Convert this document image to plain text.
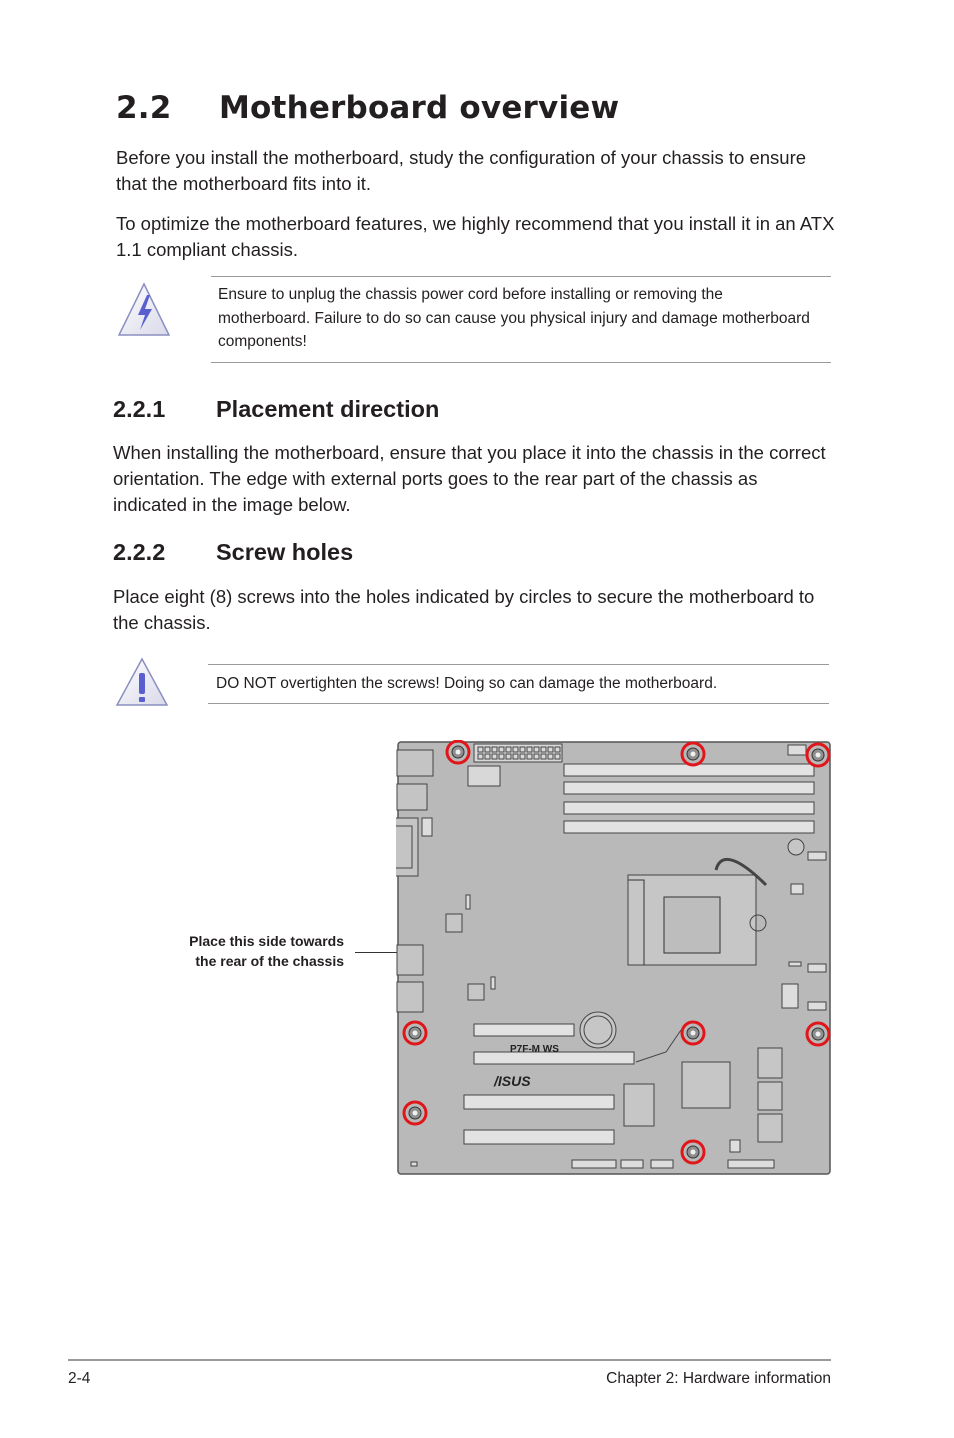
2.2 Motherboard overview
Before you install the motherboard, study the configuration of your chassis to ensure that the motherboard fits into it.
To optimize the motherboard features, we highly recommend that you install it in an ATX 1.1 compliant chassis.
Ensure to unplug the chassis power cord before installing or removing the motherboard. Failure to do so can cause you physical injury and damage motherboard components!
2.2.1 Placement direction
When installing the motherboard, ensure that you place it into the chassis in the correct orientation. The edge with external ports goes to the rear part of the chassis as indicated in the image below.
2.2.2 Screw holes
Place eight (8) screws into the holes indicated by circles to secure the motherboard to the chassis.
DO NOT overtighten the screws! Doing so can damage the motherboard.
Place this side towards
the rear of the chassis
P7F-M WS
/ISUS
2-4	Chapter 2: Hardware information
